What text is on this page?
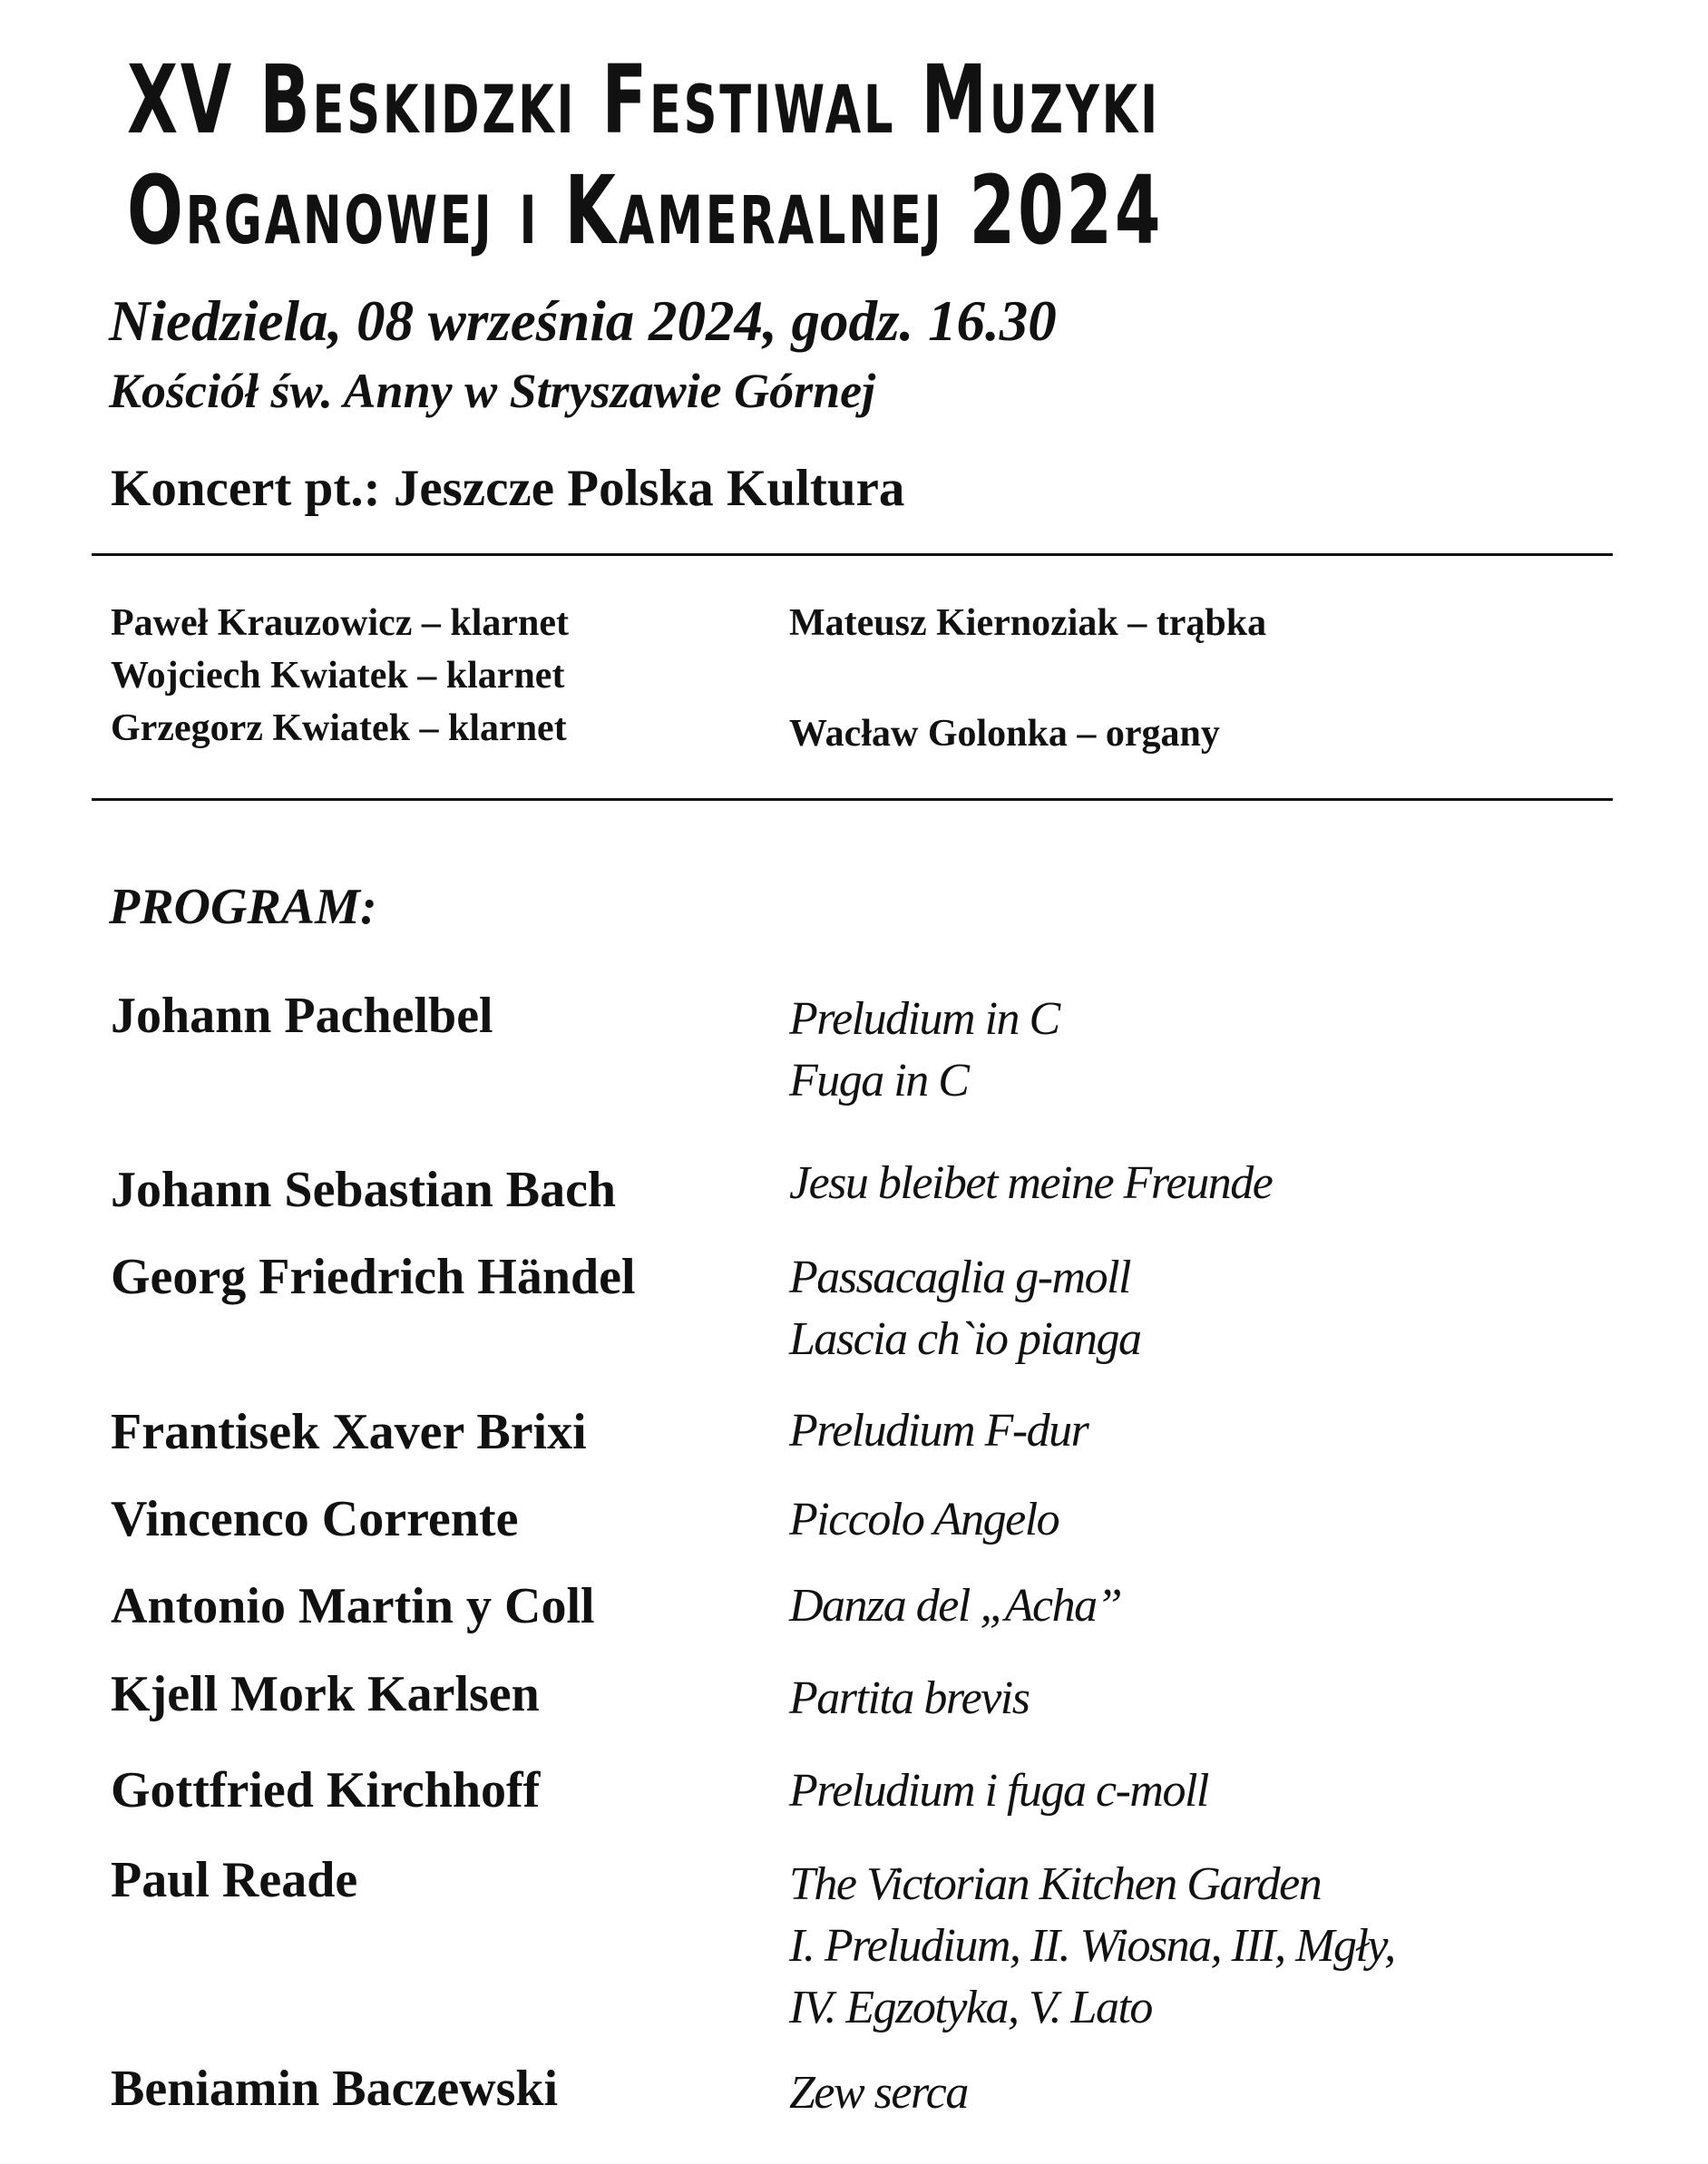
XV Beskidzki Festiwal Muzyki
Organowej i Kameralnej 2024
Niedziela, 08 września 2024, godz. 16.30
Kościół św. Anny w Stryszawie Górnej
Koncert pt.: Jeszcze Polska Kultura
Paweł Krauzowicz – klarnet
Wojciech Kwiatek – klarnet
Grzegorz Kwiatek – klarnet
Mateusz Kiernoziak – trąbka
Wacław Golonka – organy
PROGRAM:
Johann Pachelbel	Preludium in C
Fuga in C
Johann Sebastian Bach	Jesu bleibet meine Freunde
Georg Friedrich Händel	Passacaglia g-moll
Lascia ch`io pianga
Frantisek Xaver Brixi	Preludium F-dur
Vincenco Corrente	Piccolo Angelo
Antonio Martin y Coll	Danza del „Acha”
Kjell Mork Karlsen	Partita brevis
Gottfried Kirchhoff	Preludium i fuga c-moll
Paul Reade	The Victorian Kitchen Garden
I. Preludium, II. Wiosna, III, Mgły,
IV. Egzotyka, V. Lato
Beniamin Baczewski	Zew serca
